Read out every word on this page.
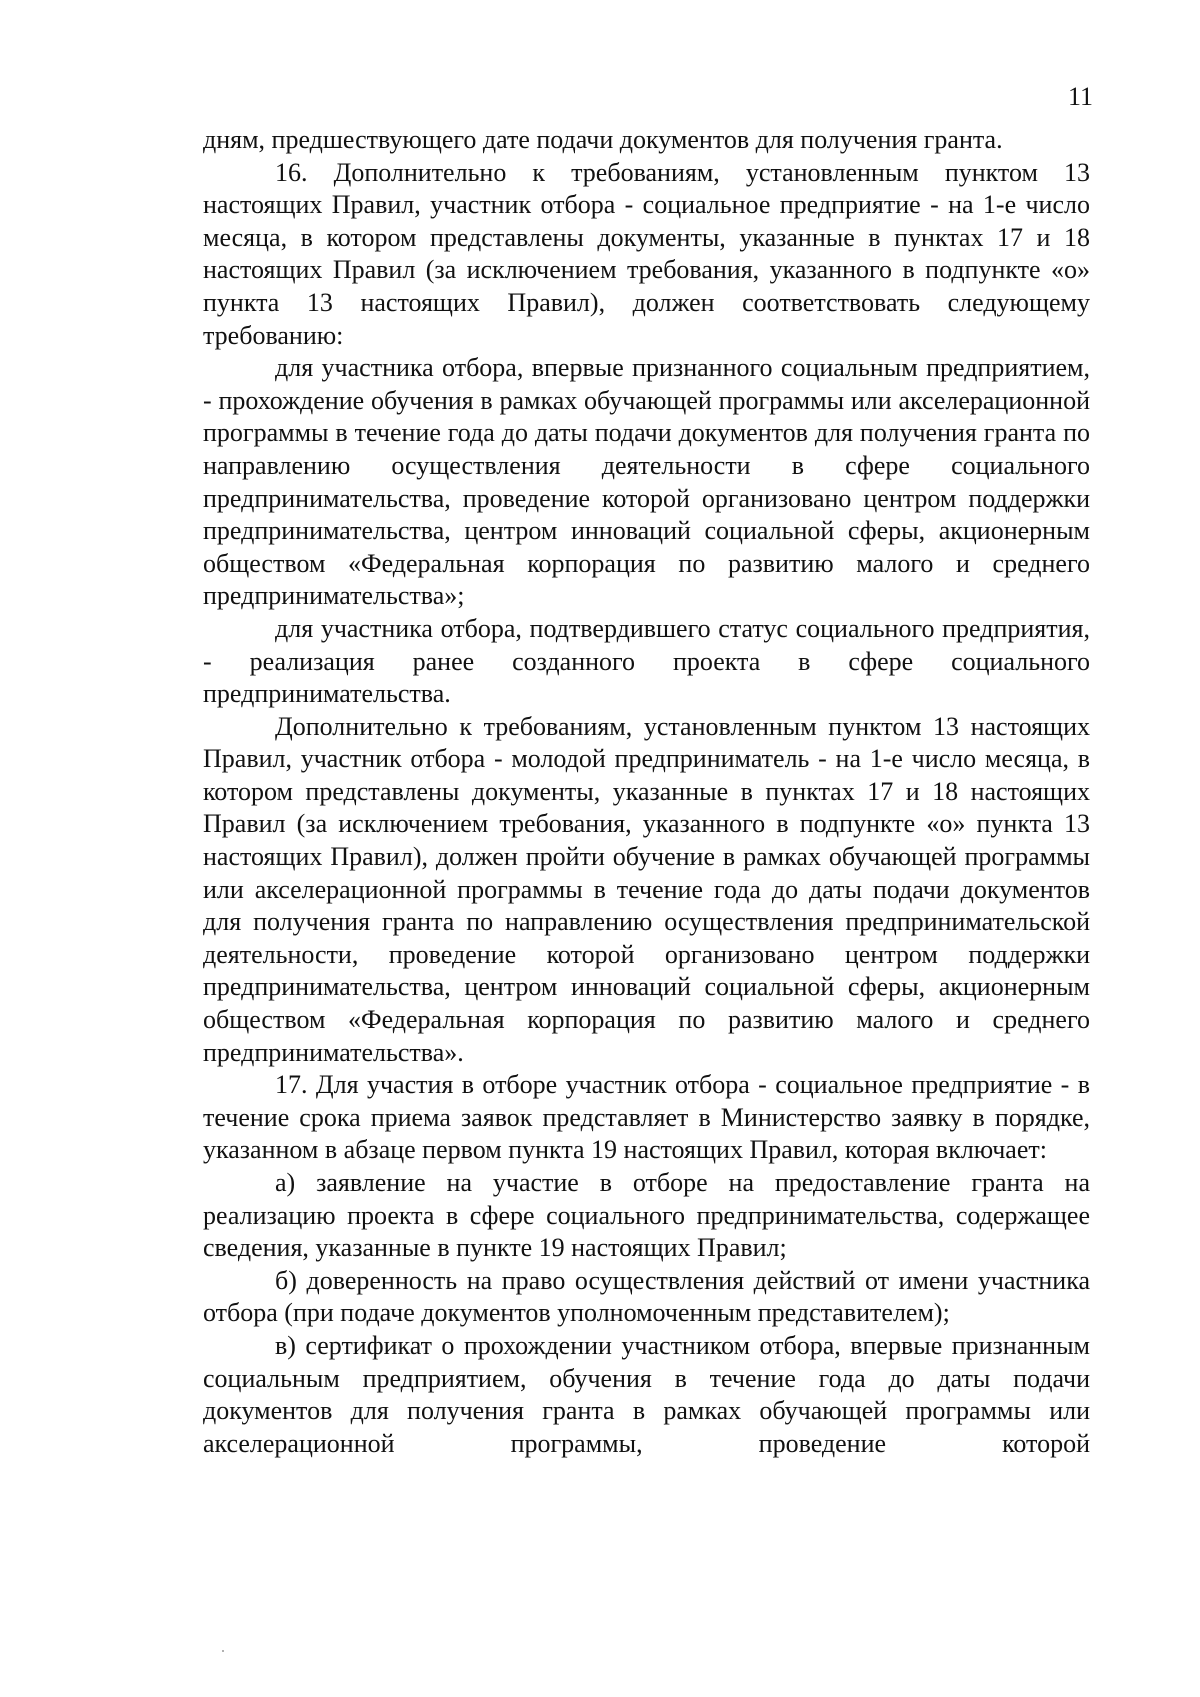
11

дням, предшествующего дате подачи документов для получения гранта.

16. Дополнительно к требованиям, установленным пунктом 13 настоящих Правил, участник отбора - социальное предприятие - на 1-е число месяца, в котором представлены документы, указанные в пунктах 17 и 18 настоящих Правил (за исключением требования, указанного в подпункте «о» пункта 13 настоящих Правил), должен соответствовать следующему требованию:

для участника отбора, впервые признанного социальным предприятием, - прохождение обучения в рамках обучающей программы или акселерационной программы в течение года до даты подачи документов для получения гранта по направлению осуществления деятельности в сфере социального предпринимательства, проведение которой организовано центром поддержки предпринимательства, центром инноваций социальной сферы, акционерным обществом «Федеральная корпорация по развитию малого и среднего предпринимательства»;

для участника отбора, подтвердившего статус социального предприятия, - реализация ранее созданного проекта в сфере социального предпринимательства.

Дополнительно к требованиям, установленным пунктом 13 настоящих Правил, участник отбора - молодой предприниматель - на 1-е число месяца, в котором представлены документы, указанные в пунктах 17 и 18 настоящих Правил (за исключением требования, указанного в подпункте «о» пункта 13 настоящих Правил), должен пройти обучение в рамках обучающей программы или акселерационной программы в течение года до даты подачи документов для получения гранта по направлению осуществления предпринимательской деятельности, проведение которой организовано центром поддержки предпринимательства, центром инноваций социальной сферы, акционерным обществом «Федеральная корпорация по развитию малого и среднего предпринимательства».

17. Для участия в отборе участник отбора - социальное предприятие - в течение срока приема заявок представляет в Министерство заявку в порядке, указанном в абзаце первом пункта 19 настоящих Правил, которая включает:

а) заявление на участие в отборе на предоставление гранта на реализацию проекта в сфере социального предпринимательства, содержащее сведения, указанные в пункте 19 настоящих Правил;

б) доверенность на право осуществления действий от имени участника отбора (при подаче документов уполномоченным представителем);

в) сертификат о прохождении участником отбора, впервые признанным социальным предприятием, обучения в течение года до даты подачи документов для получения гранта в рамках обучающей программы или акселерационной программы, проведение которой
